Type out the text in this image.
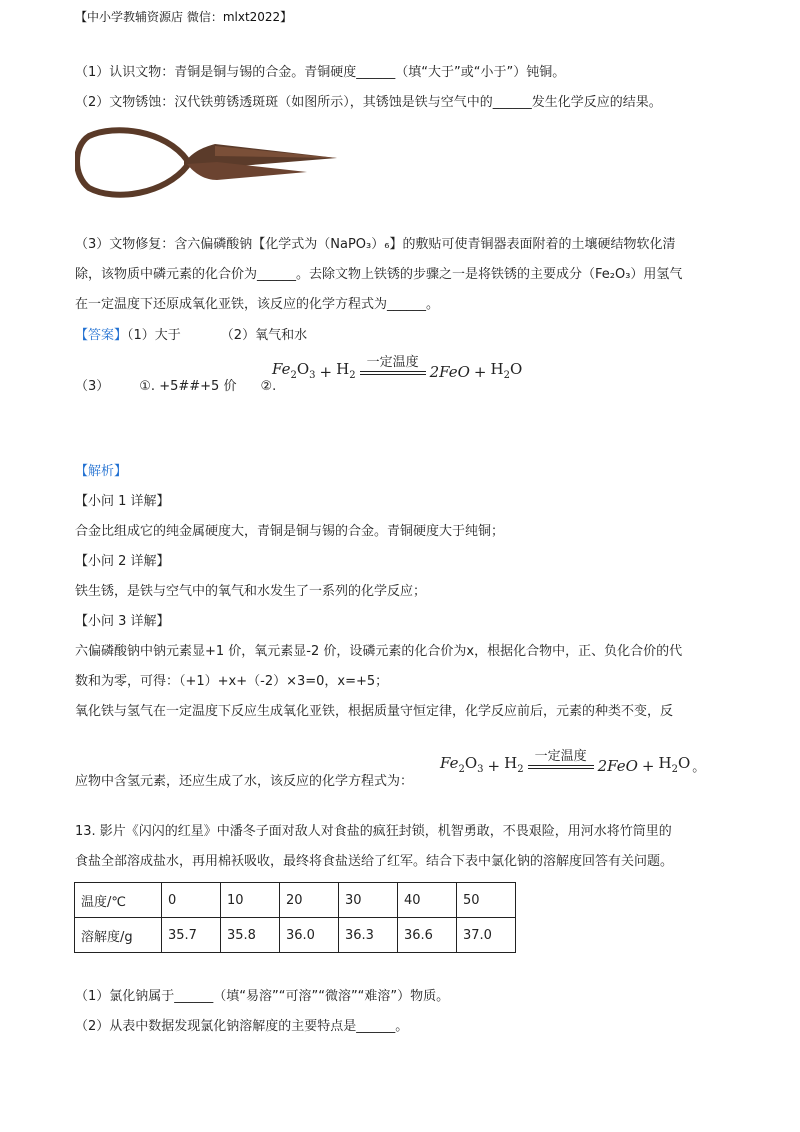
【中小学教辅资源店 微信：mlxt2022】
（1）认识文物：青铜是铜与锡的合金。青铜硬度______（填“大于”或“小于”）钝铜。
（2）文物锈蚀：汉代铁剪锈透斑斑（如图所示），其锈蚀是铁与空气中的______发生化学反应的结果。
（3）文物修复：含六偏磷酸钠【化学式为（NaPO₃）₆】的敷贴可使青铜器表面附着的土壤硬结物软化清
除，该物质中磷元素的化合价为______。去除文物上铁锈的步骤之一是将铁锈的主要成分（Fe₂O₃）用氢气
在一定温度下还原成氧化亚铁，该反应的化学方程式为______。
【答案】（1）大于	（2）氧气和水
（3） ①. +5##+5 价 ②.
$Fe_2O_3 + H_2$
一定温度
$2FeO + H_2O$
【解析】
【小问 1 详解】
合金比组成它的纯金属硬度大，青铜是铜与锡的合金。青铜硬度大于纯铜；
【小问 2 详解】
铁生锈，是铁与空气中的氧气和水发生了一系列的化学反应；
【小问 3 详解】
六偏磷酸钠中钠元素显+1 价，氧元素显-2 价，设磷元素的化合价为x，根据化合物中，正、负化合价的代
数和为零，可得：（+1）+x+（-2）×3=0，x=+5；
氧化铁与氢气在一定温度下反应生成氧化亚铁，根据质量守恒定律，化学反应前后，元素的种类不变，反
应物中含氢元素，还应生成了水，该反应的化学方程式为：
$Fe_2O_3 + H_2$
一定温度
$2FeO + H_2O$ 。
13. 影片《闪闪的红星》中潘冬子面对敌人对食盐的疯狂封锁，机智勇敢，不畏艰险，用河水将竹筒里的
食盐全部溶成盐水，再用棉袄吸收，最终将食盐送给了红军。结合下表中氯化钠的溶解度回答有关问题。
温度/℃	0	10	20	30	40	50
溶解度/g	35.7	35.8	36.0	36.3	36.6	37.0
（1）氯化钠属于______（填“易溶”“可溶”“微溶”“难溶”）物质。
（2）从表中数据发现氯化钠溶解度的主要特点是______。
